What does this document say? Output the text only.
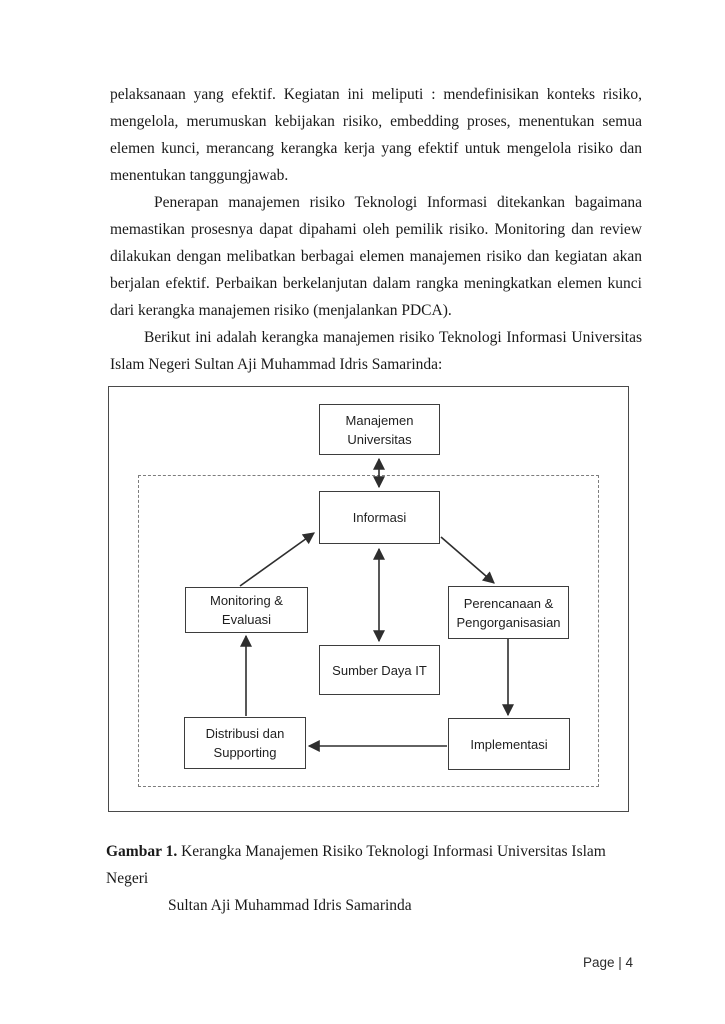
pelaksanaan yang efektif. Kegiatan ini meliputi : mendefinisikan konteks risiko, mengelola, merumuskan kebijakan risiko, embedding proses, menentukan semua elemen kunci, merancang kerangka kerja yang efektif untuk mengelola risiko dan menentukan tanggungjawab.

Penerapan manajemen risiko Teknologi Informasi ditekankan bagaimana memastikan prosesnya dapat dipahami oleh pemilik risiko. Monitoring dan review dilakukan dengan melibatkan berbagai elemen manajemen risiko dan kegiatan akan berjalan efektif. Perbaikan berkelanjutan dalam rangka meningkatkan elemen kunci dari kerangka manajemen risiko (menjalankan PDCA).

Berikut ini adalah kerangka manajemen risiko Teknologi Informasi Universitas Islam Negeri Sultan Aji Muhammad Idris Samarinda:

Manajemen Universitas
Informasi
Monitoring & Evaluasi
Perencanaan & Pengorganisasian
Sumber Daya IT
Distribusi dan Supporting
Implementasi
Gambar 1. Kerangka Manajemen Risiko Teknologi Informasi Universitas Islam Negeri
Sultan Aji Muhammad Idris Samarinda
Page | 4
